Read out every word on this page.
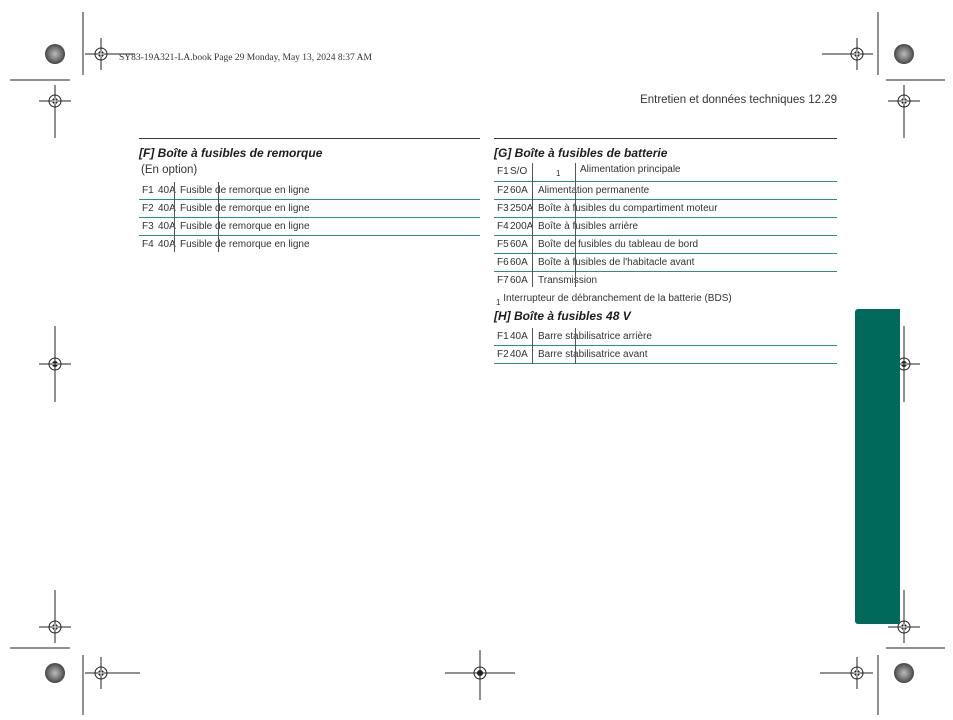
SY83-19A321-LA.book Page 29 Monday, May 13, 2024 8:37 AM
Entretien et données techniques 12.29
[F] Boîte à fusibles de remorque
(En option)
F1 40A Fusible de remorque en ligne
F2 40A Fusible de remorque en ligne
F3 40A Fusible de remorque en ligne
F4 40A Fusible de remorque en ligne
[G] Boîte à fusibles de batterie
F1 S/O	1 Alimentation principale
F2 60A Alimentation permanente
F3 250A Boîte à fusibles du compartiment moteur
F4 200A Boîte à fusibles arrière
F5 60A Boîte de fusibles du tableau de bord
F6 60A Boîte à fusibles de l'habitacle avant
F7 60A Transmission
$_1$ Interrupteur de débranchement de la batterie (BDS)
[H] Boîte à fusibles 48 V
F1 40A Barre stabilisatrice arrière
F2 40A Barre stabilisatrice avant
